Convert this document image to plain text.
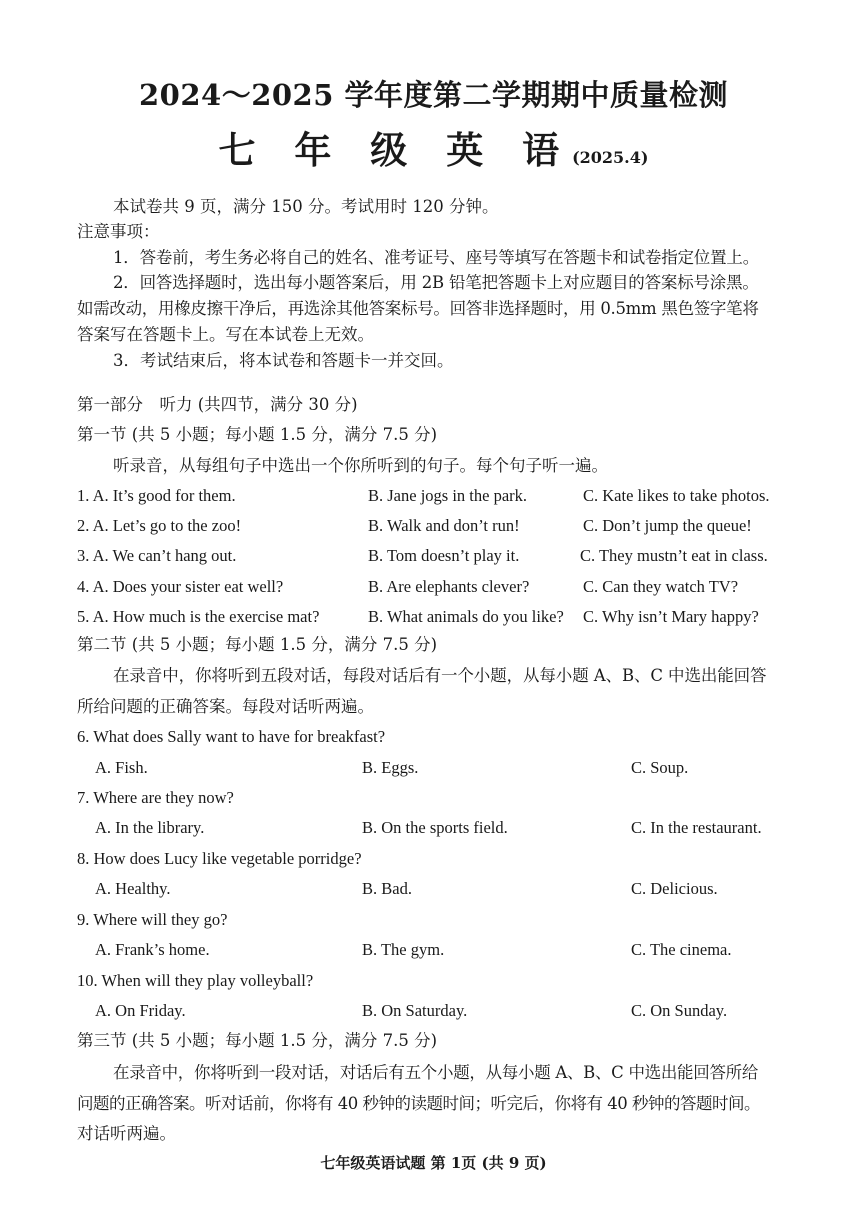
2024～2025 学年度第二学期期中质量检测
七 年 级 英 语(2025.4)
本试卷共 9 页，满分 150 分。考试用时 120 分钟。
注意事项：
1．答卷前，考生务必将自己的姓名、准考证号、座号等填写在答题卡和试卷指定位置上。
2．回答选择题时，选出每小题答案后，用 2B 铅笔把答题卡上对应题目的答案标号涂黑。
如需改动，用橡皮擦干净后，再选涂其他答案标号。回答非选择题时，用 0.5mm 黑色签字笔将
答案写在答题卡上。写在本试卷上无效。
3．考试结束后，将本试卷和答题卡一并交回。
第一部分　听力 (共四节，满分 30 分)
第一节 (共 5 小题；每小题 1.5 分，满分 7.5 分)
听录音，从每组句子中选出一个你所听到的句子。每个句子听一遍。
1. A. It’s good for them.	B. Jane jogs in the park.	C. Kate likes to take photos.
2. A. Let’s go to the zoo!	B. Walk and don’t run!	C. Don’t jump the queue!
3. A. We can’t hang out.	B. Tom doesn’t play it.	C. They mustn’t eat in class.
4. A. Does your sister eat well?	B. Are elephants clever?	C. Can they watch TV?
5. A. How much is the exercise mat?	B. What animals do you like? C. Why isn’t Mary happy?
第二节 (共 5 小题；每小题 1.5 分，满分 7.5 分)
在录音中，你将听到五段对话，每段对话后有一个小题，从每小题 A、B、C 中选出能回答
所给问题的正确答案。每段对话听两遍。
6. What does Sally want to have for breakfast?
A. Fish.	B. Eggs.	C. Soup.
7. Where are they now?
A. In the library.	B. On the sports field.	C. In the restaurant.
8. How does Lucy like vegetable porridge?
A. Healthy.	B. Bad.	C. Delicious.
9. Where will they go?
A. Frank’s home.	B. The gym.	C. The cinema.
10. When will they play volleyball?
A. On Friday.	B. On Saturday.	C. On Sunday.
第三节 (共 5 小题；每小题 1.5 分，满分 7.5 分)
在录音中，你将听到一段对话，对话后有五个小题，从每小题 A、B、C 中选出能回答所给
问题的正确答案。听对话前，你将有 40 秒钟的读题时间；听完后，你将有 40 秒钟的答题时间。
对话听两遍。
七年级英语试题 第 1页 (共 9 页)
